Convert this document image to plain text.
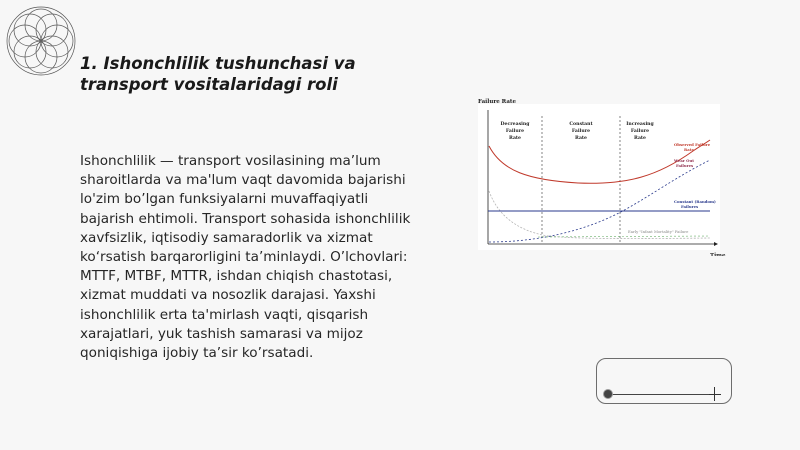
1. Ishonchlilik tushunchasi va transport vositalaridagi roli

Ishonchlilik — transport vosilasining ma’lum sharoitlarda va ma'lum vaqt davomida bajarishi lo'zim bo’lgan funksiyalarni muvaffaqiyatli bajarish ehtimoli. Transport sohasida ishonchlilik xavfsizlik, iqtisodiy samaradorlik va xizmat ko‘rsatish barqarorligini ta’minlaydi. O’lchovlari: MTTF, MTBF, MTTR, ishdan chiqish chastotasi, xizmat muddati va nosozlik darajasi. Yaxshi ishonchlilik erta ta'mirlash vaqti, qisqarish xarajatlari, yuk tashish samarasi va mijoz qoniqishiga ijobiy ta’sir ko’rsatadi.

Failure Rate
Time
Decreasing
Failure
Rate
Constant
Failure
Rate
Increasing
Failure
Rate
Observed Failure
Rate
Wear Out
Failures
Constant (Random)
Failures
Early "Infant Mortality" Failure
